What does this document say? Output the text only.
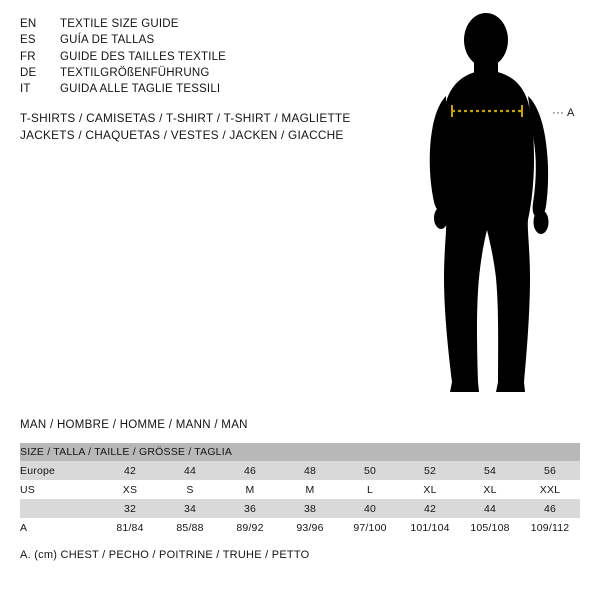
EN	TEXTILE SIZE GUIDE
ES	GUÍA DE TALLAS
FR	GUIDE DES TAILLES TEXTILE
DE	TEXTILGRÖßENFÜHRUNG
IT	GUIDA ALLE TAGLIE TESSILI
T-SHIRTS / CAMISETAS / T-SHIRT / T-SHIRT / MAGLIETTE
JACKETS / CHAQUETAS / VESTES / JACKEN / GIACCHE
··· A
MAN / HOMBRE / HOMME / MANN / MAN
SIZE / TALLA / TAILLE / GRÖSSE / TAGLIA								
Europe	42	44	46	48	50	52	54	56
US	XS	S	M	M	L	XL	XL	XXL
	32	34	36	38	40	42	44	46
A	81/84	85/88	89/92	93/96	97/100	101/104	105/108	109/112
A. (cm) CHEST / PECHO / POITRINE / TRUHE / PETTO
